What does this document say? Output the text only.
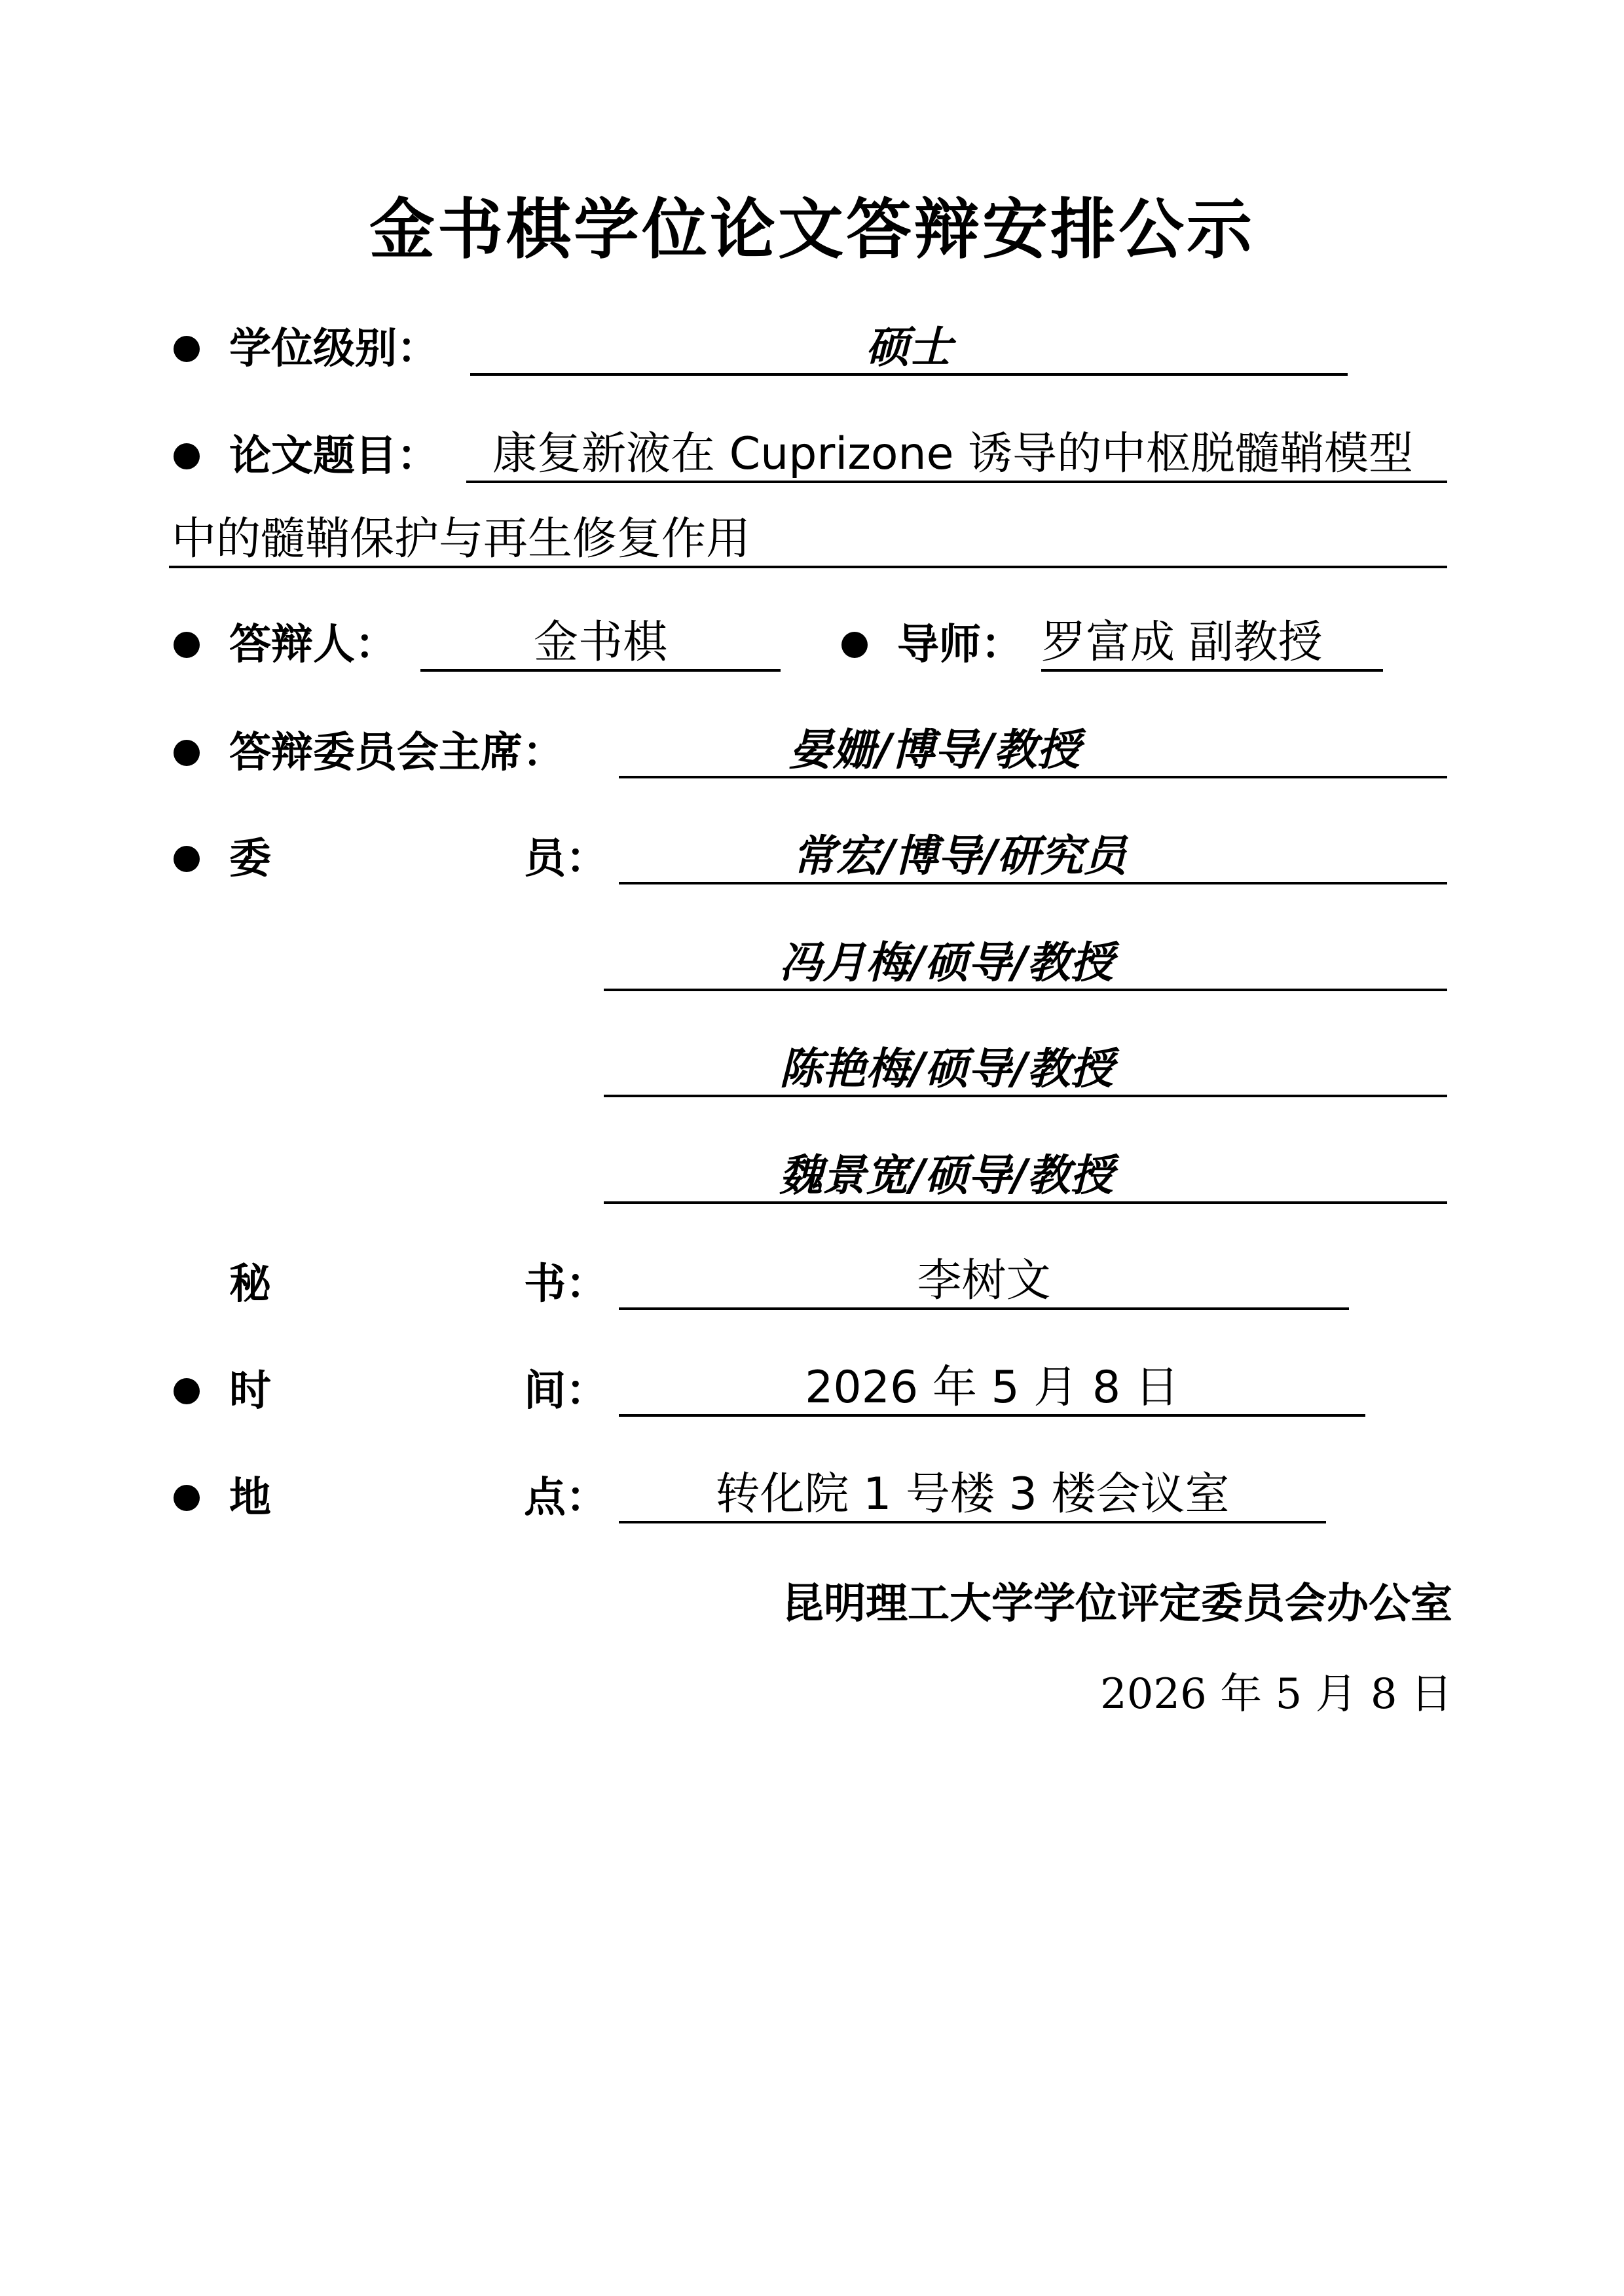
金书棋学位论文答辩安排公示
学位级别：	硕士
论文题目： 康复新液在 Cuprizone 诱导的中枢脱髓鞘模型
中的髓鞘保护与再生修复作用
答辩人：	金书棋	导师： 罗富成 副教授
答辩委员会主席：	晏姗/博导/教授
委	员：	常宏/博导/研究员
冯月梅/硕导/教授
陈艳梅/硕导/教授
魏景宽/硕导/教授
秘	书：	李树文
时	间：	2026 年 5 月 8 日
地	点：	转化院 1 号楼 3 楼会议室
昆明理工大学学位评定委员会办公室
2026 年 5 月 8 日
